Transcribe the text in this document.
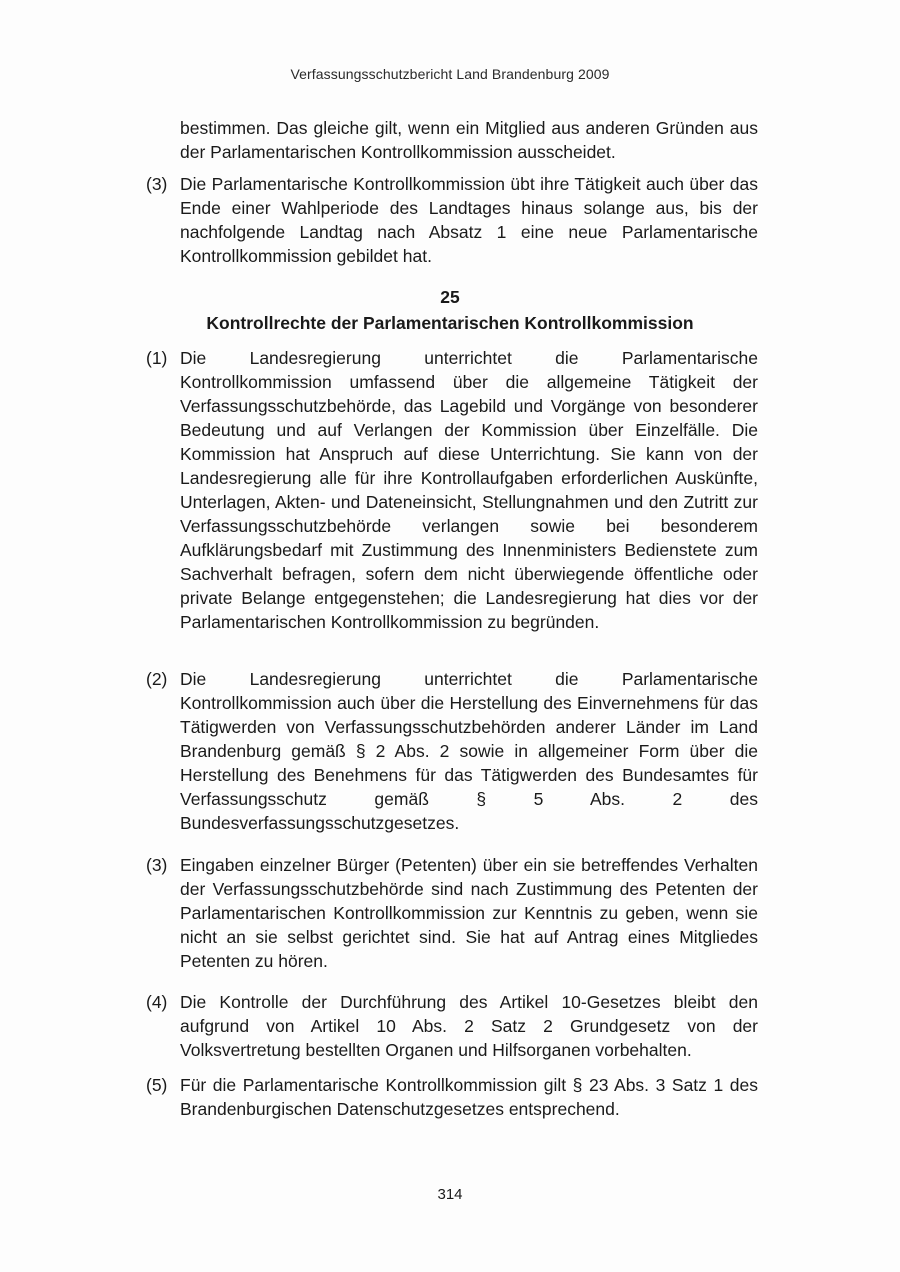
Verfassungsschutzbericht Land Brandenburg 2009
bestimmen. Das gleiche gilt, wenn ein Mitglied aus anderen Gründen aus der Parlamentarischen Kontrollkommission ausscheidet.
(3) Die Parlamentarische Kontrollkommission übt ihre Tätigkeit auch über das Ende einer Wahlperiode des Landtages hinaus solange aus, bis der nachfolgende Landtag nach Absatz 1 eine neue Parlamentarische Kontrollkommission gebildet hat.
25
Kontrollrechte der Parlamentarischen Kontrollkommission
(1) Die Landesregierung unterrichtet die Parlamentarische Kontrollkommission umfassend über die allgemeine Tätigkeit der Verfassungsschutzbehörde, das Lagebild und Vorgänge von besonderer Bedeutung und auf Verlangen der Kommission über Einzelfälle. Die Kommission hat Anspruch auf diese Unterrichtung. Sie kann von der Landesregierung alle für ihre Kontrollaufgaben erforderlichen Auskünfte, Unterlagen, Akten- und Dateneinsicht, Stellungnahmen und den Zutritt zur Verfassungsschutzbehörde verlangen sowie bei besonderem Aufklärungsbedarf mit Zustimmung des Innenministers Bedienstete zum Sachverhalt befragen, sofern dem nicht überwiegende öffentliche oder private Belange entgegenstehen; die Landesregierung hat dies vor der Parlamentarischen Kontrollkommission zu begründen.
(2) Die Landesregierung unterrichtet die Parlamentarische Kontrollkommission auch über die Herstellung des Einvernehmens für das Tätigwerden von Verfassungsschutzbehörden anderer Länder im Land Brandenburg gemäß § 2 Abs. 2 sowie in allgemeiner Form über die Herstellung des Benehmens für das Tätigwerden des Bundesamtes für Verfassungsschutz gemäß § 5 Abs. 2 des Bundesverfassungsschutzgesetzes.
(3) Eingaben einzelner Bürger (Petenten) über ein sie betreffendes Verhalten der Verfassungsschutzbehörde sind nach Zustimmung des Petenten der Parlamentarischen Kontrollkommission zur Kenntnis zu geben, wenn sie nicht an sie selbst gerichtet sind. Sie hat auf Antrag eines Mitgliedes Petenten zu hören.
(4) Die Kontrolle der Durchführung des Artikel 10-Gesetzes bleibt den aufgrund von Artikel 10 Abs. 2 Satz 2 Grundgesetz von der Volksvertretung bestellten Organen und Hilfsorganen vorbehalten.
(5) Für die Parlamentarische Kontrollkommission gilt § 23 Abs. 3 Satz 1 des Brandenburgischen Datenschutzgesetzes entsprechend.
314
